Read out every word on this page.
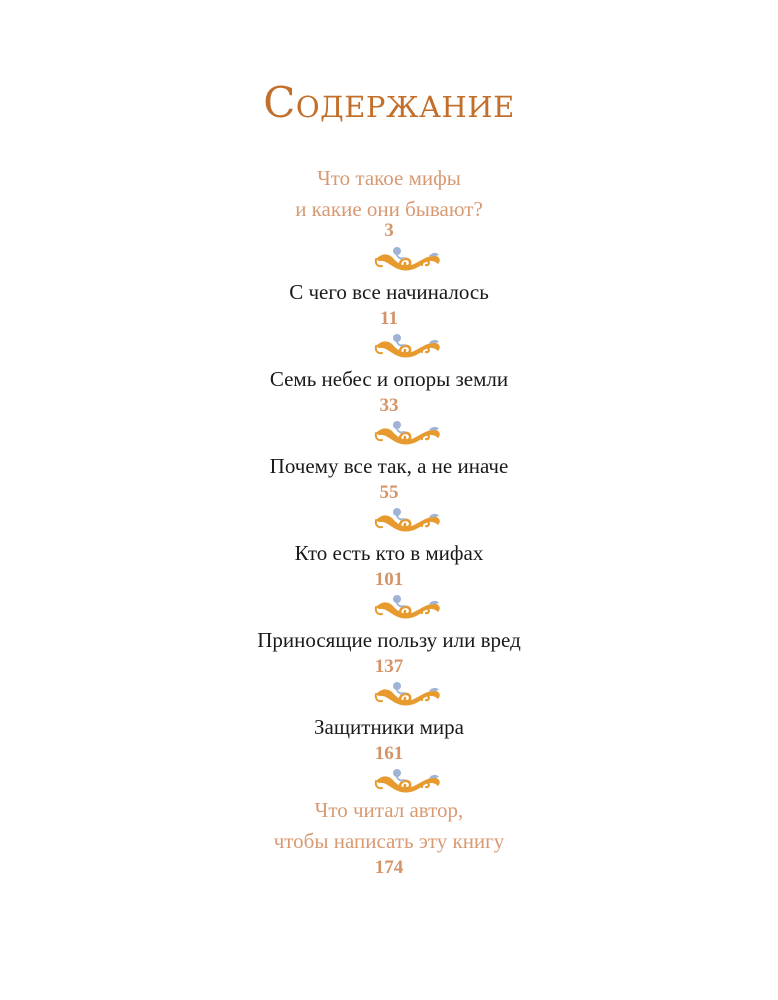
СОДЕРЖАНИЕ
Что такое мифы
и какие они бывают?
3
С чего все начиналось
11
Семь небес и опоры земли
33
Почему все так, а не иначе
55
Кто есть кто в мифах
101
Приносящие пользу или вред
137
Защитники мира
161
Что читал автор,
чтобы написать эту книгу
174
